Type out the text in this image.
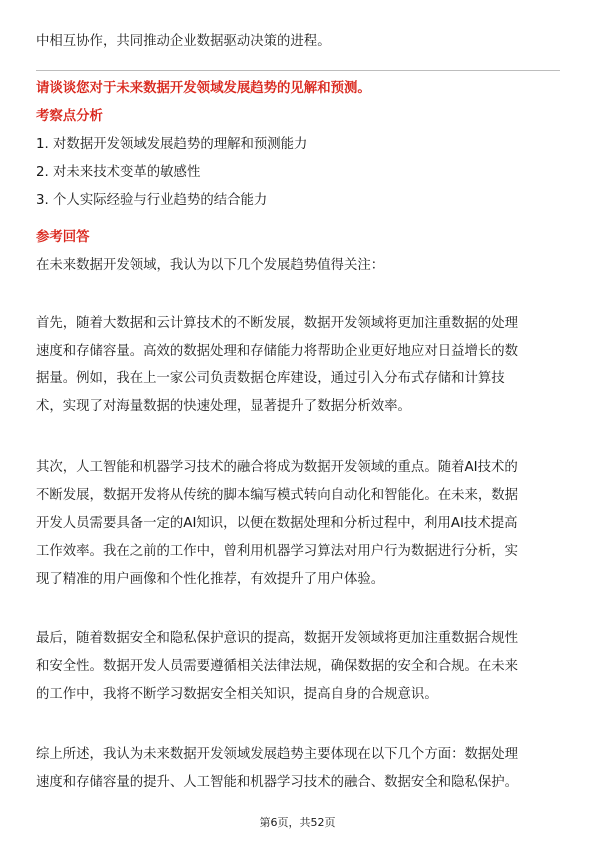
中相互协作，共同推动企业数据驱动决策的进程。
请谈谈您对于未来数据开发领域发展趋势的见解和预测。
考察点分析
1. 对数据开发领域发展趋势的理解和预测能力
2. 对未来技术变革的敏感性
3. 个人实际经验与行业趋势的结合能力
参考回答
在未来数据开发领域，我认为以下几个发展趋势值得关注：
首先，随着大数据和云计算技术的不断发展，数据开发领域将更加注重数据的处理
速度和存储容量。高效的数据处理和存储能力将帮助企业更好地应对日益增长的数
据量。例如，我在上一家公司负责数据仓库建设，通过引入分布式存储和计算技
术，实现了对海量数据的快速处理，显著提升了数据分析效率。
其次，人工智能和机器学习技术的融合将成为数据开发领域的重点。随着AI技术的
不断发展，数据开发将从传统的脚本编写模式转向自动化和智能化。在未来，数据
开发人员需要具备一定的AI知识，以便在数据处理和分析过程中，利用AI技术提高
工作效率。我在之前的工作中，曾利用机器学习算法对用户行为数据进行分析，实
现了精准的用户画像和个性化推荐，有效提升了用户体验。
最后，随着数据安全和隐私保护意识的提高，数据开发领域将更加注重数据合规性
和安全性。数据开发人员需要遵循相关法律法规，确保数据的安全和合规。在未来
的工作中，我将不断学习数据安全相关知识，提高自身的合规意识。
综上所述，我认为未来数据开发领域发展趋势主要体现在以下几个方面：数据处理
速度和存储容量的提升、人工智能和机器学习技术的融合、数据安全和隐私保护。
第6页，共52页
